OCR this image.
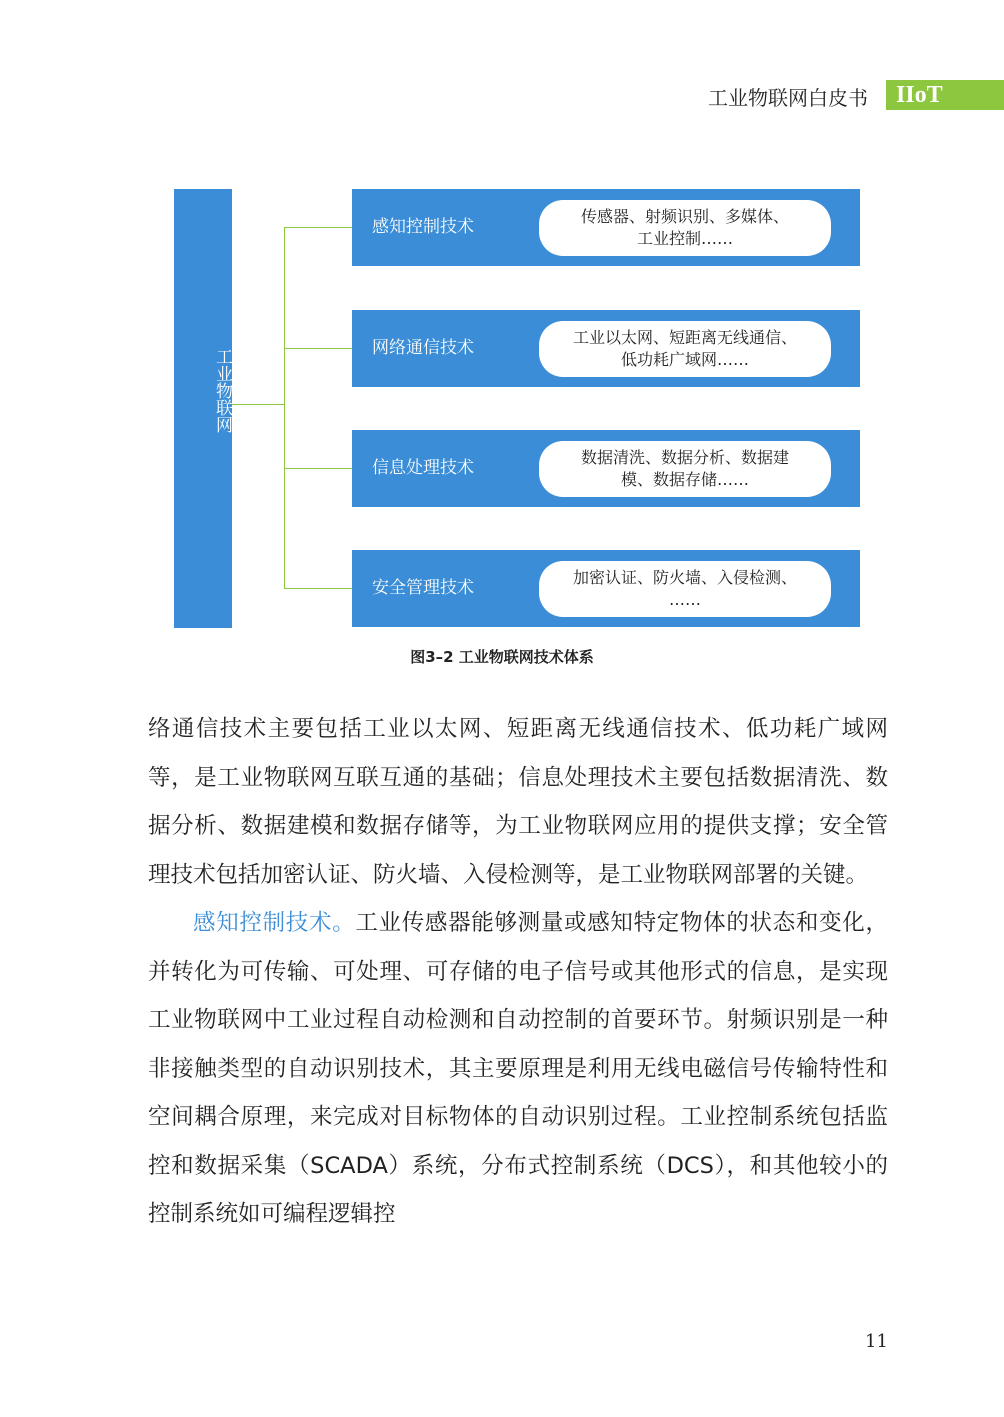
工业物联网白皮书	IIoT
工业物联网
感知控制技术
传感器、射频识别、多媒体、
工业控制……
网络通信技术
工业以太网、短距离无线通信、
低功耗广域网……
信息处理技术
数据清洗、数据分析、数据建
模、数据存储……
安全管理技术
加密认证、防火墙、入侵检测、
……
图3–2 工业物联网技术体系
络通信技术主要包括工业以太网、短距离无线通信技术、低功耗广域网等，是工业物联网互联互通的基础；信息处理技术主要包括数据清洗、数据分析、数据建模和数据存储等，为工业物联网应用的提供支撑；安全管理技术包括加密认证、防火墙、入侵检测等，是工业物联网部署的关键。
感知控制技术。工业传感器能够测量或感知特定物体的状态和变化，并转化为可传输、可处理、可存储的电子信号或其他形式的信息，是实现工业物联网中工业过程自动检测和自动控制的首要环节。射频识别是一种非接触类型的自动识别技术，其主要原理是利用无线电磁信号传输特性和空间耦合原理，来完成对目标物体的自动识别过程。工业控制系统包括监控和数据采集（SCADA）系统，分布式控制系统（DCS），和其他较小的控制系统如可编程逻辑控
11
